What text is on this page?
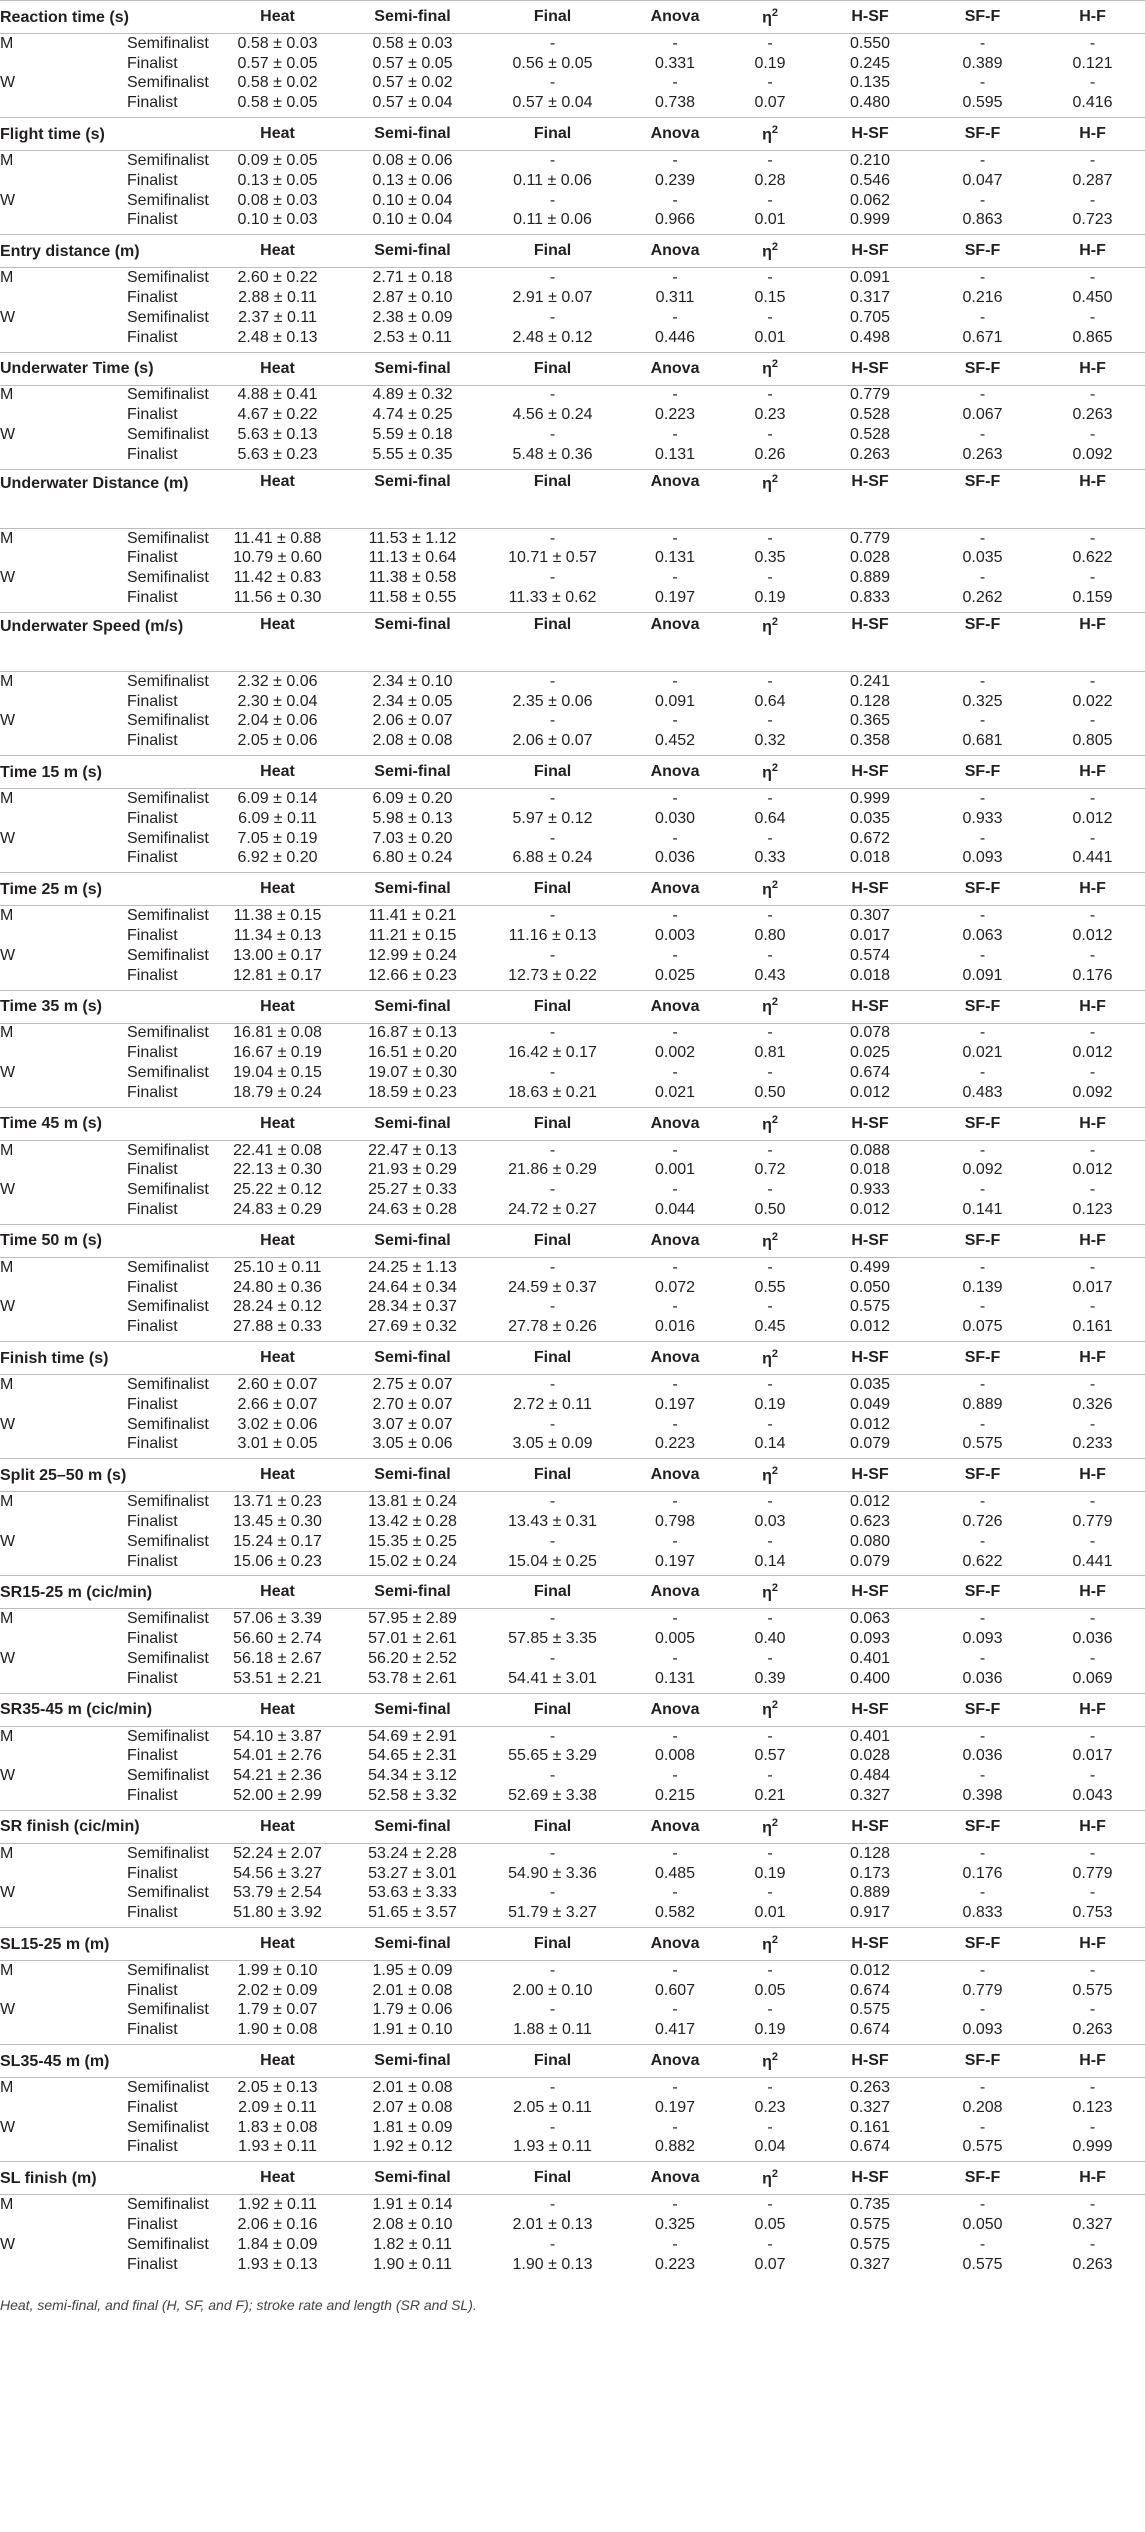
Reaction time (s)		Heat	Semi-final	Final	Anova	$\eta^2$	H-SF	SF-F	H-F
M	Semifinalist	0.58 ± 0.03	0.58 ± 0.03	-	-	-	0.550	-	-
	Finalist	0.57 ± 0.05	0.57 ± 0.05	0.56 ± 0.05	0.331	0.19	0.245	0.389	0.121
W	Semifinalist	0.58 ± 0.02	0.57 ± 0.02	-	-	-	0.135	-	-
	Finalist	0.58 ± 0.05	0.57 ± 0.04	0.57 ± 0.04	0.738	0.07	0.480	0.595	0.416

Flight time (s)		Heat	Semi-final	Final	Anova	$\eta^2$	H-SF	SF-F	H-F
M	Semifinalist	0.09 ± 0.05	0.08 ± 0.06	-	-	-	0.210	-	-
	Finalist	0.13 ± 0.05	0.13 ± 0.06	0.11 ± 0.06	0.239	0.28	0.546	0.047	0.287
W	Semifinalist	0.08 ± 0.03	0.10 ± 0.04	-	-	-	0.062	-	-
	Finalist	0.10 ± 0.03	0.10 ± 0.04	0.11 ± 0.06	0.966	0.01	0.999	0.863	0.723

Entry distance (m)		Heat	Semi-final	Final	Anova	$\eta^2$	H-SF	SF-F	H-F
M	Semifinalist	2.60 ± 0.22	2.71 ± 0.18	-	-	-	0.091	-	-
	Finalist	2.88 ± 0.11	2.87 ± 0.10	2.91 ± 0.07	0.311	0.15	0.317	0.216	0.450
W	Semifinalist	2.37 ± 0.11	2.38 ± 0.09	-	-	-	0.705	-	-
	Finalist	2.48 ± 0.13	2.53 ± 0.11	2.48 ± 0.12	0.446	0.01	0.498	0.671	0.865

Underwater Time (s)		Heat	Semi-final	Final	Anova	$\eta^2$	H-SF	SF-F	H-F
M	Semifinalist	4.88 ± 0.41	4.89 ± 0.32	-	-	-	0.779	-	-
	Finalist	4.67 ± 0.22	4.74 ± 0.25	4.56 ± 0.24	0.223	0.23	0.528	0.067	0.263
W	Semifinalist	5.63 ± 0.13	5.59 ± 0.18	-	-	-	0.528	-	-
	Finalist	5.63 ± 0.23	5.55 ± 0.35	5.48 ± 0.36	0.131	0.26	0.263	0.263	0.092

Underwater Distance (m)		Heat	Semi-final	Final	Anova	$\eta^2$	H-SF	SF-F	H-F
M	Semifinalist	11.41 ± 0.88	11.53 ± 1.12	-	-	-	0.779	-	-
	Finalist	10.79 ± 0.60	11.13 ± 0.64	10.71 ± 0.57	0.131	0.35	0.028	0.035	0.622
W	Semifinalist	11.42 ± 0.83	11.38 ± 0.58	-	-	-	0.889	-	-
	Finalist	11.56 ± 0.30	11.58 ± 0.55	11.33 ± 0.62	0.197	0.19	0.833	0.262	0.159

Underwater Speed (m/s)		Heat	Semi-final	Final	Anova	$\eta^2$	H-SF	SF-F	H-F
M	Semifinalist	2.32 ± 0.06	2.34 ± 0.10	-	-	-	0.241	-	-
	Finalist	2.30 ± 0.04	2.34 ± 0.05	2.35 ± 0.06	0.091	0.64	0.128	0.325	0.022
W	Semifinalist	2.04 ± 0.06	2.06 ± 0.07	-	-	-	0.365	-	-
	Finalist	2.05 ± 0.06	2.08 ± 0.08	2.06 ± 0.07	0.452	0.32	0.358	0.681	0.805

Time 15 m (s)		Heat	Semi-final	Final	Anova	$\eta^2$	H-SF	SF-F	H-F
M	Semifinalist	6.09 ± 0.14	6.09 ± 0.20	-	-	-	0.999	-	-
	Finalist	6.09 ± 0.11	5.98 ± 0.13	5.97 ± 0.12	0.030	0.64	0.035	0.933	0.012
W	Semifinalist	7.05 ± 0.19	7.03 ± 0.20	-	-	-	0.672	-	-
	Finalist	6.92 ± 0.20	6.80 ± 0.24	6.88 ± 0.24	0.036	0.33	0.018	0.093	0.441

Time 25 m (s)		Heat	Semi-final	Final	Anova	$\eta^2$	H-SF	SF-F	H-F
M	Semifinalist	11.38 ± 0.15	11.41 ± 0.21	-	-	-	0.307	-	-
	Finalist	11.34 ± 0.13	11.21 ± 0.15	11.16 ± 0.13	0.003	0.80	0.017	0.063	0.012
W	Semifinalist	13.00 ± 0.17	12.99 ± 0.24	-	-	-	0.574	-	-
	Finalist	12.81 ± 0.17	12.66 ± 0.23	12.73 ± 0.22	0.025	0.43	0.018	0.091	0.176

Time 35 m (s)		Heat	Semi-final	Final	Anova	$\eta^2$	H-SF	SF-F	H-F
M	Semifinalist	16.81 ± 0.08	16.87 ± 0.13	-	-	-	0.078	-	-
	Finalist	16.67 ± 0.19	16.51 ± 0.20	16.42 ± 0.17	0.002	0.81	0.025	0.021	0.012
W	Semifinalist	19.04 ± 0.15	19.07 ± 0.30	-	-	-	0.674	-	-
	Finalist	18.79 ± 0.24	18.59 ± 0.23	18.63 ± 0.21	0.021	0.50	0.012	0.483	0.092

Time 45 m (s)		Heat	Semi-final	Final	Anova	$\eta^2$	H-SF	SF-F	H-F
M	Semifinalist	22.41 ± 0.08	22.47 ± 0.13	-	-	-	0.088	-	-
	Finalist	22.13 ± 0.30	21.93 ± 0.29	21.86 ± 0.29	0.001	0.72	0.018	0.092	0.012
W	Semifinalist	25.22 ± 0.12	25.27 ± 0.33	-	-	-	0.933	-	-
	Finalist	24.83 ± 0.29	24.63 ± 0.28	24.72 ± 0.27	0.044	0.50	0.012	0.141	0.123

Time 50 m (s)		Heat	Semi-final	Final	Anova	$\eta^2$	H-SF	SF-F	H-F
M	Semifinalist	25.10 ± 0.11	24.25 ± 1.13	-	-	-	0.499	-	-
	Finalist	24.80 ± 0.36	24.64 ± 0.34	24.59 ± 0.37	0.072	0.55	0.050	0.139	0.017
W	Semifinalist	28.24 ± 0.12	28.34 ± 0.37	-	-	-	0.575	-	-
	Finalist	27.88 ± 0.33	27.69 ± 0.32	27.78 ± 0.26	0.016	0.45	0.012	0.075	0.161

Finish time (s)		Heat	Semi-final	Final	Anova	$\eta^2$	H-SF	SF-F	H-F
M	Semifinalist	2.60 ± 0.07	2.75 ± 0.07	-	-	-	0.035	-	-
	Finalist	2.66 ± 0.07	2.70 ± 0.07	2.72 ± 0.11	0.197	0.19	0.049	0.889	0.326
W	Semifinalist	3.02 ± 0.06	3.07 ± 0.07	-	-	-	0.012	-	-
	Finalist	3.01 ± 0.05	3.05 ± 0.06	3.05 ± 0.09	0.223	0.14	0.079	0.575	0.233

Split 25–50 m (s)		Heat	Semi-final	Final	Anova	$\eta^2$	H-SF	SF-F	H-F
M	Semifinalist	13.71 ± 0.23	13.81 ± 0.24	-	-	-	0.012	-	-
	Finalist	13.45 ± 0.30	13.42 ± 0.28	13.43 ± 0.31	0.798	0.03	0.623	0.726	0.779
W	Semifinalist	15.24 ± 0.17	15.35 ± 0.25	-	-	-	0.080	-	-
	Finalist	15.06 ± 0.23	15.02 ± 0.24	15.04 ± 0.25	0.197	0.14	0.079	0.622	0.441

SR15-25 m (cic/min)		Heat	Semi-final	Final	Anova	$\eta^2$	H-SF	SF-F	H-F
M	Semifinalist	57.06 ± 3.39	57.95 ± 2.89	-	-	-	0.063	-	-
	Finalist	56.60 ± 2.74	57.01 ± 2.61	57.85 ± 3.35	0.005	0.40	0.093	0.093	0.036
W	Semifinalist	56.18 ± 2.67	56.20 ± 2.52	-	-	-	0.401	-	-
	Finalist	53.51 ± 2.21	53.78 ± 2.61	54.41 ± 3.01	0.131	0.39	0.400	0.036	0.069

SR35-45 m (cic/min)		Heat	Semi-final	Final	Anova	$\eta^2$	H-SF	SF-F	H-F
M	Semifinalist	54.10 ± 3.87	54.69 ± 2.91	-	-	-	0.401	-	-
	Finalist	54.01 ± 2.76	54.65 ± 2.31	55.65 ± 3.29	0.008	0.57	0.028	0.036	0.017
W	Semifinalist	54.21 ± 2.36	54.34 ± 3.12	-	-	-	0.484	-	-
	Finalist	52.00 ± 2.99	52.58 ± 3.32	52.69 ± 3.38	0.215	0.21	0.327	0.398	0.043

SR finish (cic/min)		Heat	Semi-final	Final	Anova	$\eta^2$	H-SF	SF-F	H-F
M	Semifinalist	52.24 ± 2.07	53.24 ± 2.28	-	-	-	0.128	-	-
	Finalist	54.56 ± 3.27	53.27 ± 3.01	54.90 ± 3.36	0.485	0.19	0.173	0.176	0.779
W	Semifinalist	53.79 ± 2.54	53.63 ± 3.33	-	-	-	0.889	-	-
	Finalist	51.80 ± 3.92	51.65 ± 3.57	51.79 ± 3.27	0.582	0.01	0.917	0.833	0.753

SL15-25 m (m)		Heat	Semi-final	Final	Anova	$\eta^2$	H-SF	SF-F	H-F
M	Semifinalist	1.99 ± 0.10	1.95 ± 0.09	-	-	-	0.012	-	-
	Finalist	2.02 ± 0.09	2.01 ± 0.08	2.00 ± 0.10	0.607	0.05	0.674	0.779	0.575
W	Semifinalist	1.79 ± 0.07	1.79 ± 0.06	-	-	-	0.575	-	-
	Finalist	1.90 ± 0.08	1.91 ± 0.10	1.88 ± 0.11	0.417	0.19	0.674	0.093	0.263

SL35-45 m (m)		Heat	Semi-final	Final	Anova	$\eta^2$	H-SF	SF-F	H-F
M	Semifinalist	2.05 ± 0.13	2.01 ± 0.08	-	-	-	0.263	-	-
	Finalist	2.09 ± 0.11	2.07 ± 0.08	2.05 ± 0.11	0.197	0.23	0.327	0.208	0.123
W	Semifinalist	1.83 ± 0.08	1.81 ± 0.09	-	-	-	0.161	-	-
	Finalist	1.93 ± 0.11	1.92 ± 0.12	1.93 ± 0.11	0.882	0.04	0.674	0.575	0.999

SL finish (m)		Heat	Semi-final	Final	Anova	$\eta^2$	H-SF	SF-F	H-F
M	Semifinalist	1.92 ± 0.11	1.91 ± 0.14	-	-	-	0.735	-	-
	Finalist	2.06 ± 0.16	2.08 ± 0.10	2.01 ± 0.13	0.325	0.05	0.575	0.050	0.327
W	Semifinalist	1.84 ± 0.09	1.82 ± 0.11	-	-	-	0.575	-	-
	Finalist	1.93 ± 0.13	1.90 ± 0.11	1.90 ± 0.13	0.223	0.07	0.327	0.575	0.263

Heat, semi-final, and final (H, SF, and F); stroke rate and length (SR and SL).
